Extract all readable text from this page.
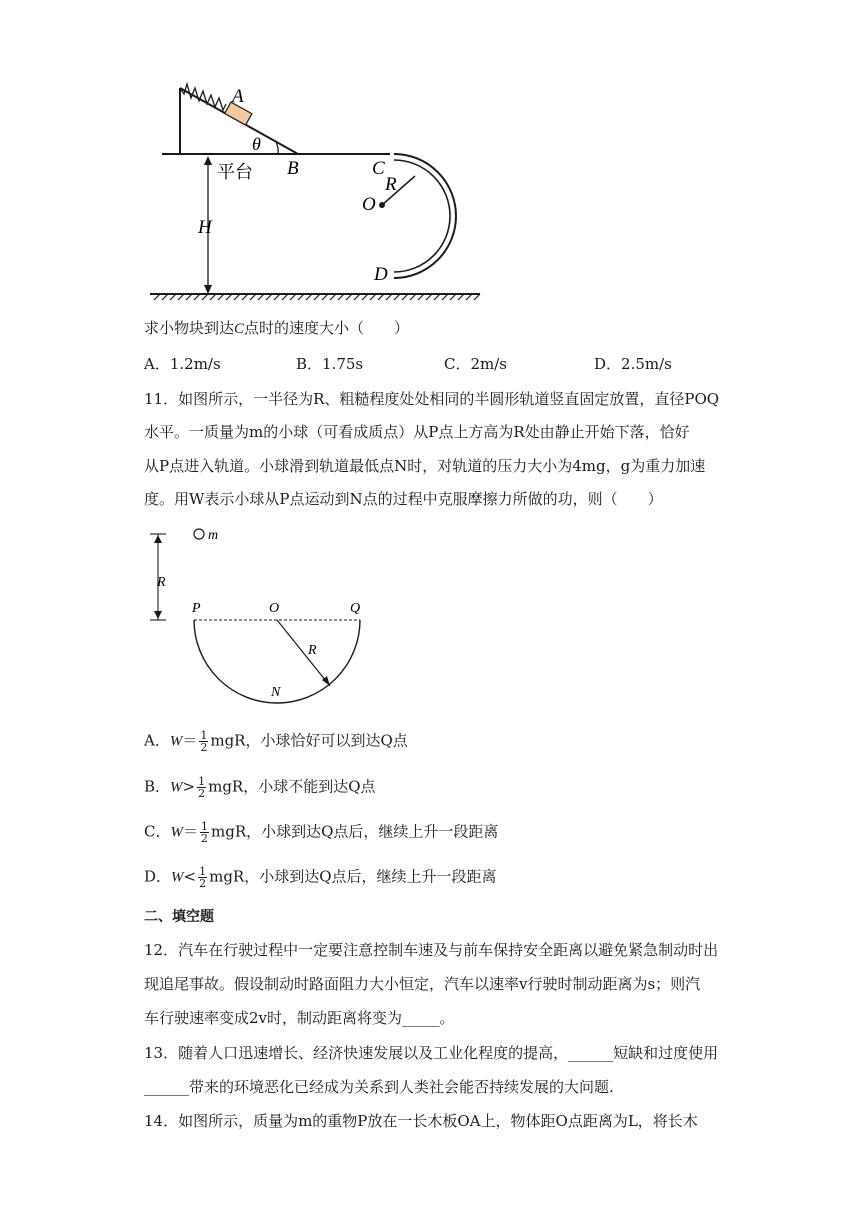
A
θ
平台 B	C
R
O
D
H
求小物块到达C点时的速度大小（　　）
A．1.2m/s	B．1.75s	C．2m/s	D．2.5m/s
11．如图所示，一半径为R、粗糙程度处处相同的半圆形轨道竖直固定放置，直径POQ
水平。一质量为m的小球（可看成质点）从P点上方高为R处由静止开始下落，恰好
从P点进入轨道。小球滑到轨道最低点N时，对轨道的压力大小为4mg，g为重力加速
度。用W表示小球从P点运动到N点的过程中克服摩擦力所做的功，则（　　）
m
R
P	O	Q
R
N
A．$W= \frac{1}{2}$ mgR，小球恰好可以到达Q点
B．$W> \frac{1}{2}$ mgR，小球不能到达Q点
C．$W= \frac{1}{2}$ mgR，小球到达Q点后，继续上升一段距离
D．$W< \frac{1}{2}$ mgR，小球到达Q点后，继续上升一段距离
二、填空题
12．汽车在行驶过程中一定要注意控制车速及与前车保持安全距离以避免紧急制动时出
现追尾事故。假设制动时路面阻力大小恒定，汽车以速率v行驶时制动距离为s；则汽
车行驶速率变成2v时，制动距离将变为_____。
13．随着人口迅速增长、经济快速发展以及工业化程度的提高，______短缺和过度使用
______带来的环境恶化已经成为关系到人类社会能否持续发展的大问题.
14．如图所示，质量为m的重物P放在一长木板OA上，物体距O点距离为L，将长木
